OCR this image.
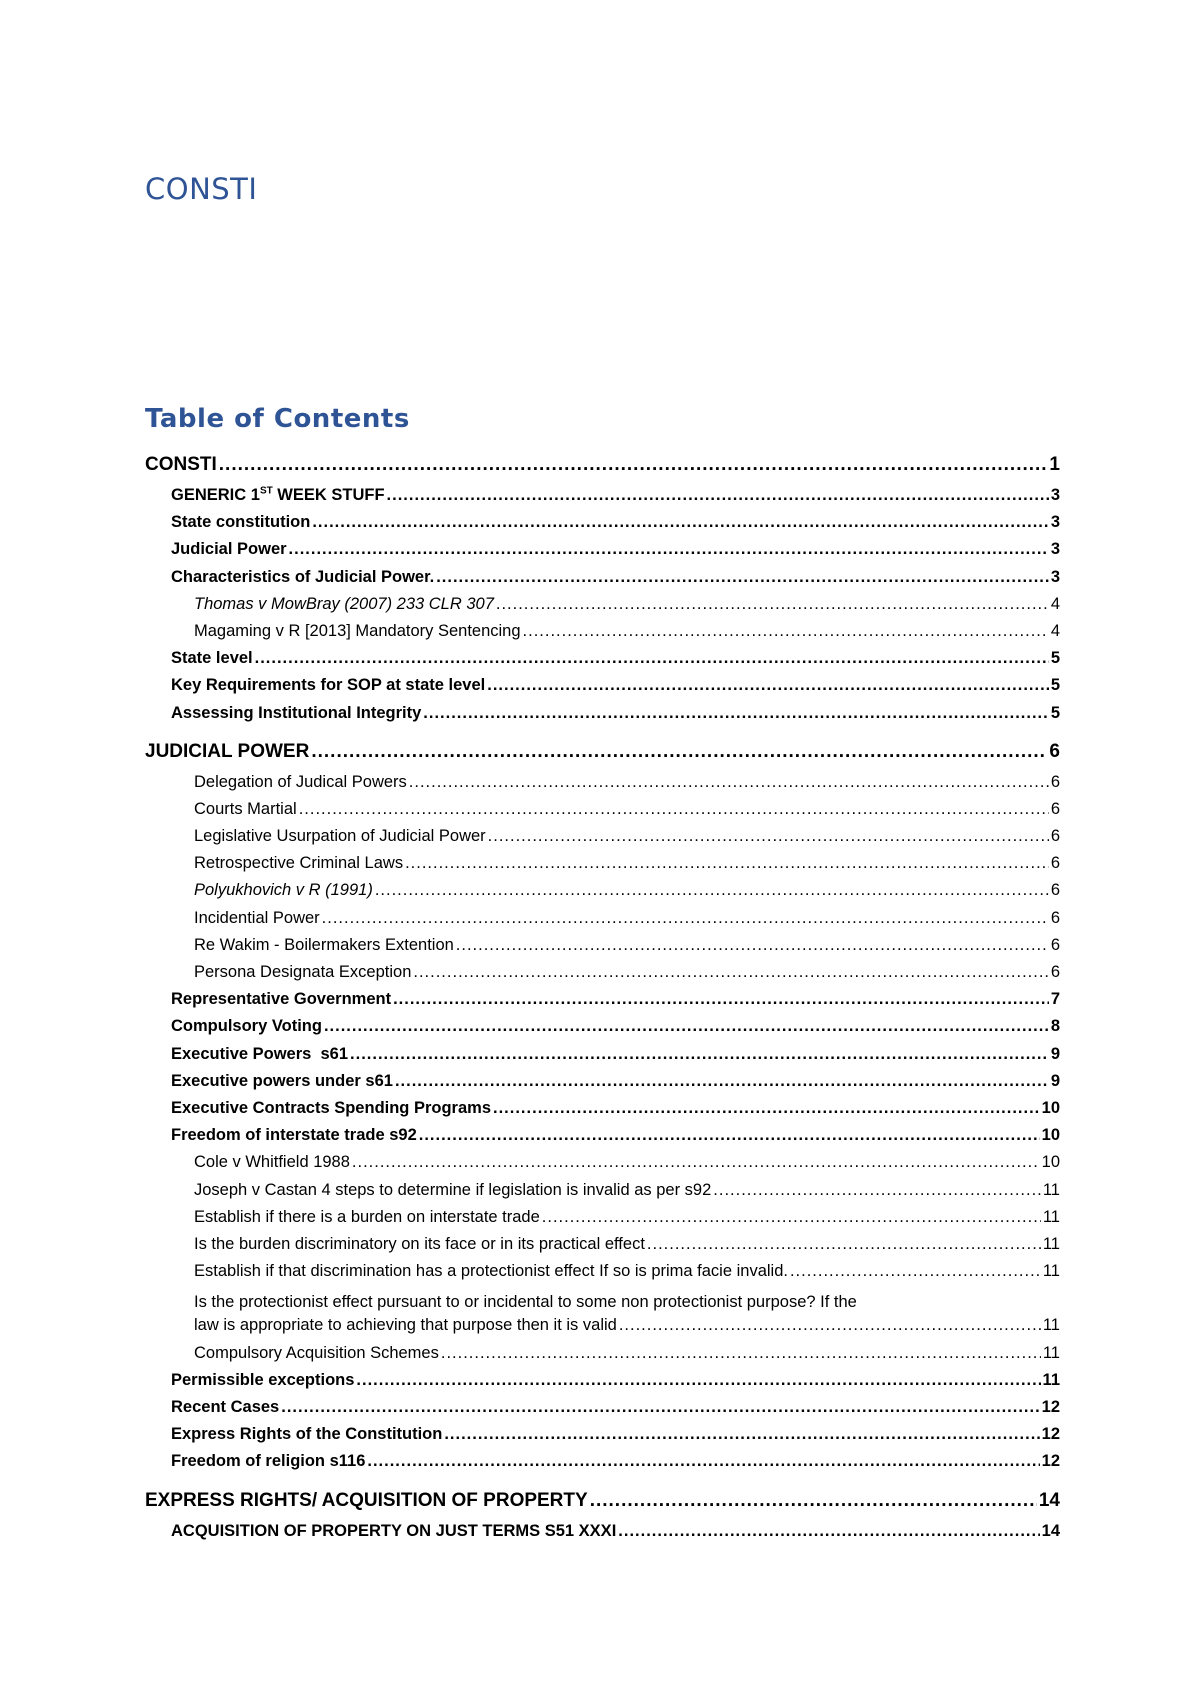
CONSTI
Table of Contents
CONSTI .....	1
GENERIC 1ST WEEK STUFF .....	3
State constitution .....	3
Judicial Power .....	3
Characteristics of Judicial Power. .....	3
Thomas v MowBray (2007) 233 CLR 307 .....	4
Magaming v R [2013] Mandatory Sentencing .....	4
State level .....	5
Key Requirements for SOP at state level .....	5
Assessing Institutional Integrity .....	5
JUDICIAL POWER .....	6
Delegation of Judical Powers .....	6
Courts Martial .....	6
Legislative Usurpation of Judicial Power .....	6
Retrospective Criminal Laws .....	6
Polyukhovich v R (1991) .....	6
Incidential Power .....	6
Re Wakim - Boilermakers Extention .....	6
Persona Designata Exception .....	6
Representative Government .....	7
Compulsory Voting .....	8
Executive Powers  s61 .....	9
Executive powers under s61 .....	9
Executive Contracts Spending Programs .....	10
Freedom of interstate trade s92 .....	10
Cole v Whitfield 1988 .....	10
Joseph v Castan 4 steps to determine if legislation is invalid as per s92 .....	11
Establish if there is a burden on interstate trade .....	11
Is the burden discriminatory on its face or in its practical effect .....	11
Establish if that discrimination has a protectionist effect If so is prima facie invalid. .....	11
Is the protectionist effect pursuant to or incidental to some non protectionist purpose? If the
law is appropriate to achieving that purpose then it is valid .....	11
Compulsory Acquisition Schemes .....	11
Permissible exceptions .....	11
Recent Cases .....	12
Express Rights of the Constitution .....	12
Freedom of religion s116 .....	12
EXPRESS RIGHTS/ ACQUISITION OF PROPERTY .....	14
ACQUISITION OF PROPERTY ON JUST TERMS S51 XXXI .....	14
